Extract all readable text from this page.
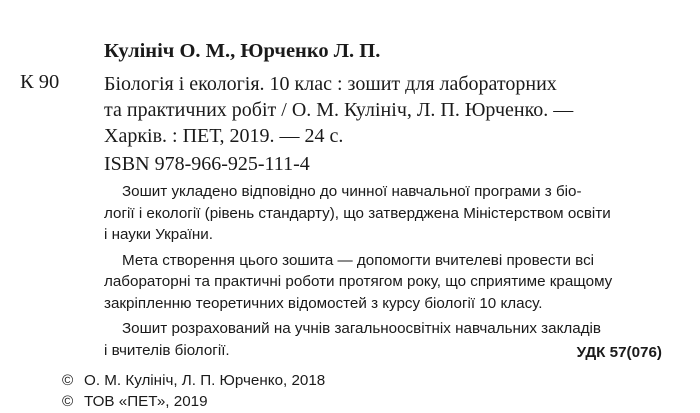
Кулініч О. М., Юрченко Л. П.
К 90 Біологія і екологія. 10 клас : зошит для лабораторних
та практичних робіт / О. М. Кулініч, Л. П. Юрченко. —
Харків. : ПЕТ, 2019. — 24 с.
ISBN 978-966-925-111-4
Зошит укладено відповідно до чинної навчальної програми з біо-
логії і екології (рівень стандарту), що затверджена Міністерством освіти
і науки України.
Мета створення цього зошита — допомогти вчителеві провести всі
лабораторні та практичні роботи протягом року, що сприятиме кращому
закріпленню теоретичних відомостей з курсу біології 10 класу.
Зошит розрахований на учнів загальноосвітніх навчальних закладів
і вчителів біології.	УДК 57(076)
© О. М. Кулініч, Л. П. Юрченко, 2018
© ТОВ «ПЕТ», 2019
